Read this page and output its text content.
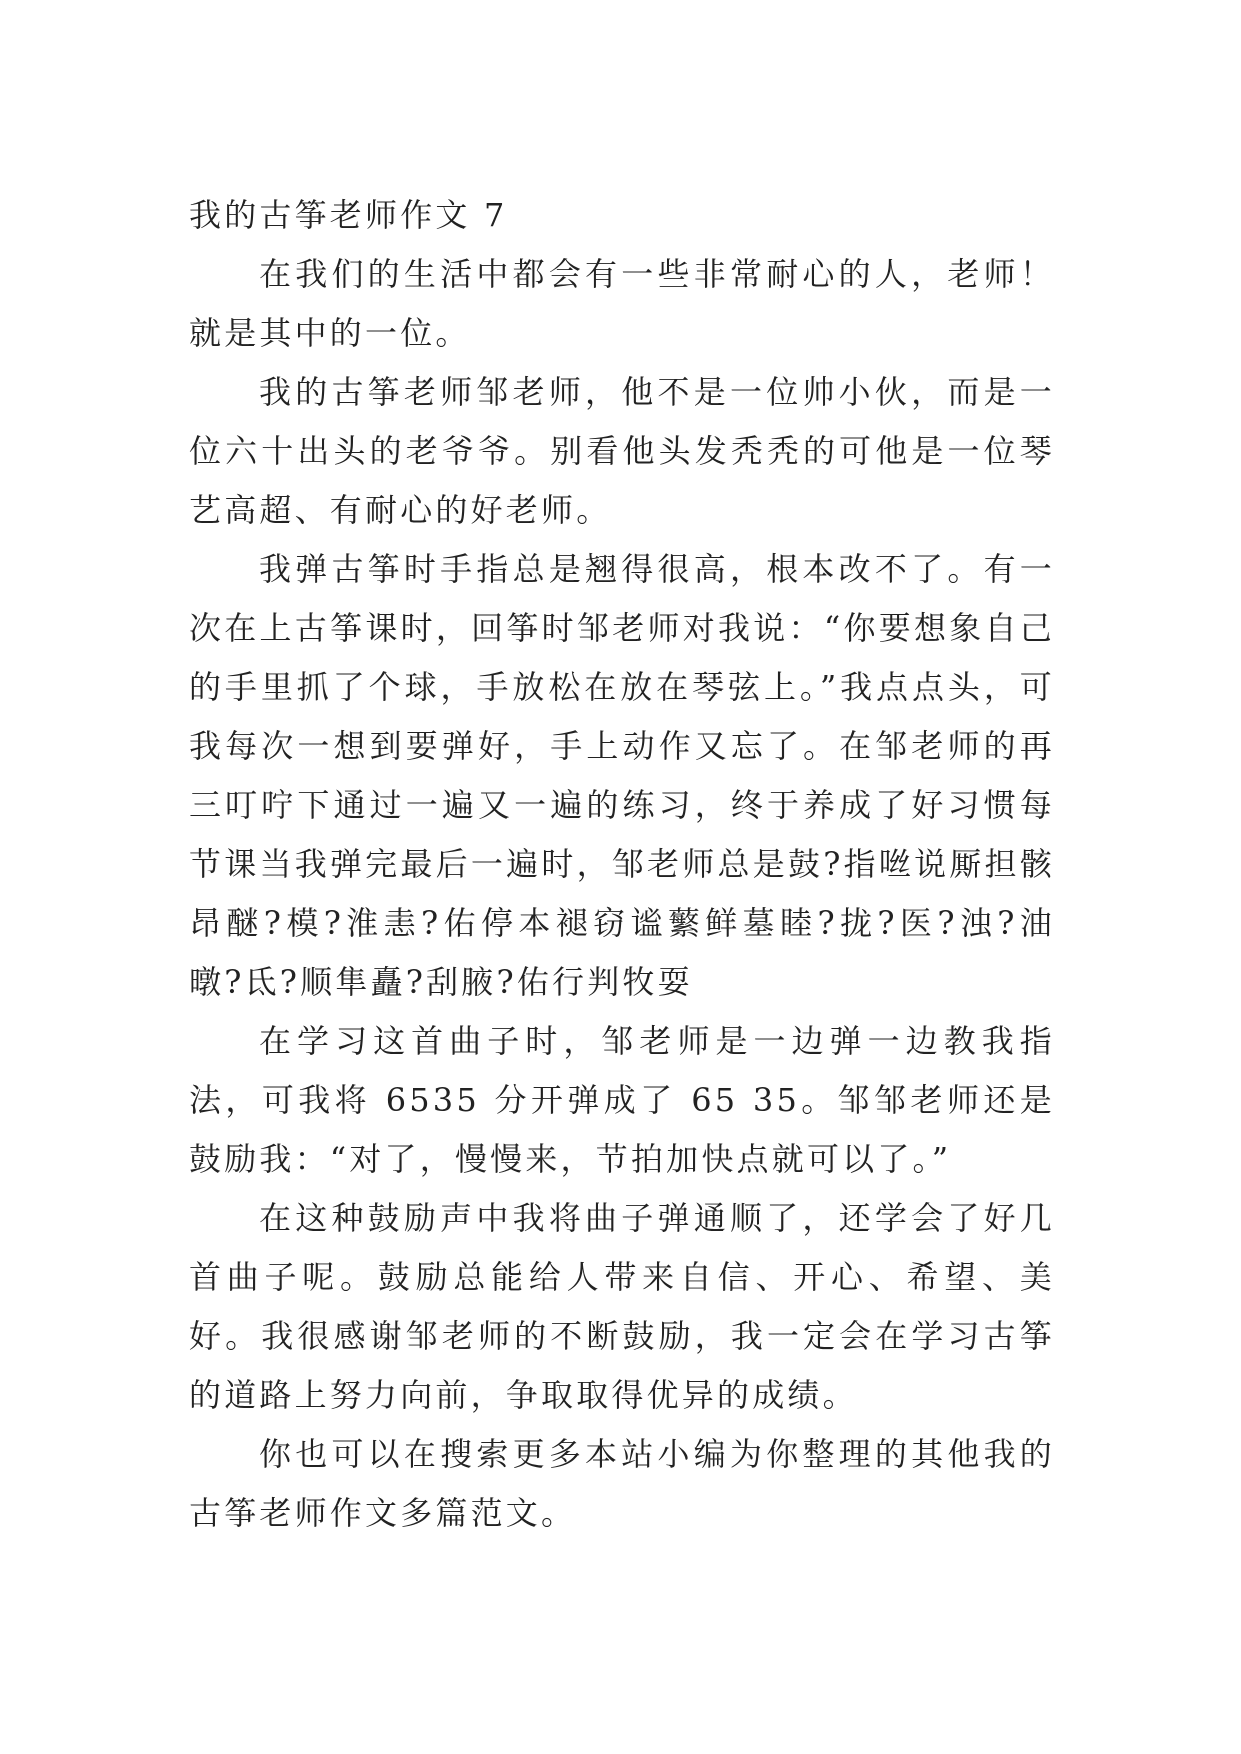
我的古筝老师作文 7

在我们的生活中都会有一些非常耐心的人，老师！就是其中的一位。

我的古筝老师邹老师，他不是一位帅小伙，而是一位六十出头的老爷爷。别看他头发秃秃的可他是一位琴艺高超、有耐心的好老师。

我弹古筝时手指总是翘得很高，根本改不了。有一次在上古筝课时，回筝时邹老师对我说：“你要想象自己的手里抓了个球，手放松在放在琴弦上。”我点点头，可我每次一想到要弹好，手上动作又忘了。在邹老师的再三叮咛下通过一遍又一遍的练习，终于养成了好习惯每节课当我弹完最后一遍时，邹老师总是鼓?指咝说厮担骸昂醚?模?淮恚?佑停本褪窃谧蘩鲜墓睦?拢?医?浊?油暾?氐?顺隼矗?刮腋?佑行判牧耍

在学习这首曲子时，邹老师是一边弹一边教我指法，可我将 6535 分开弹成了 65 35。邹邹老师还是鼓励我：“对了，慢慢来，节拍加快点就可以了。”

在这种鼓励声中我将曲子弹通顺了，还学会了好几首曲子呢。鼓励总能给人带来自信、开心、希望、美好。我很感谢邹老师的不断鼓励，我一定会在学习古筝的道路上努力向前，争取取得优异的成绩。

你也可以在搜索更多本站小编为你整理的其他我的古筝老师作文多篇范文。
